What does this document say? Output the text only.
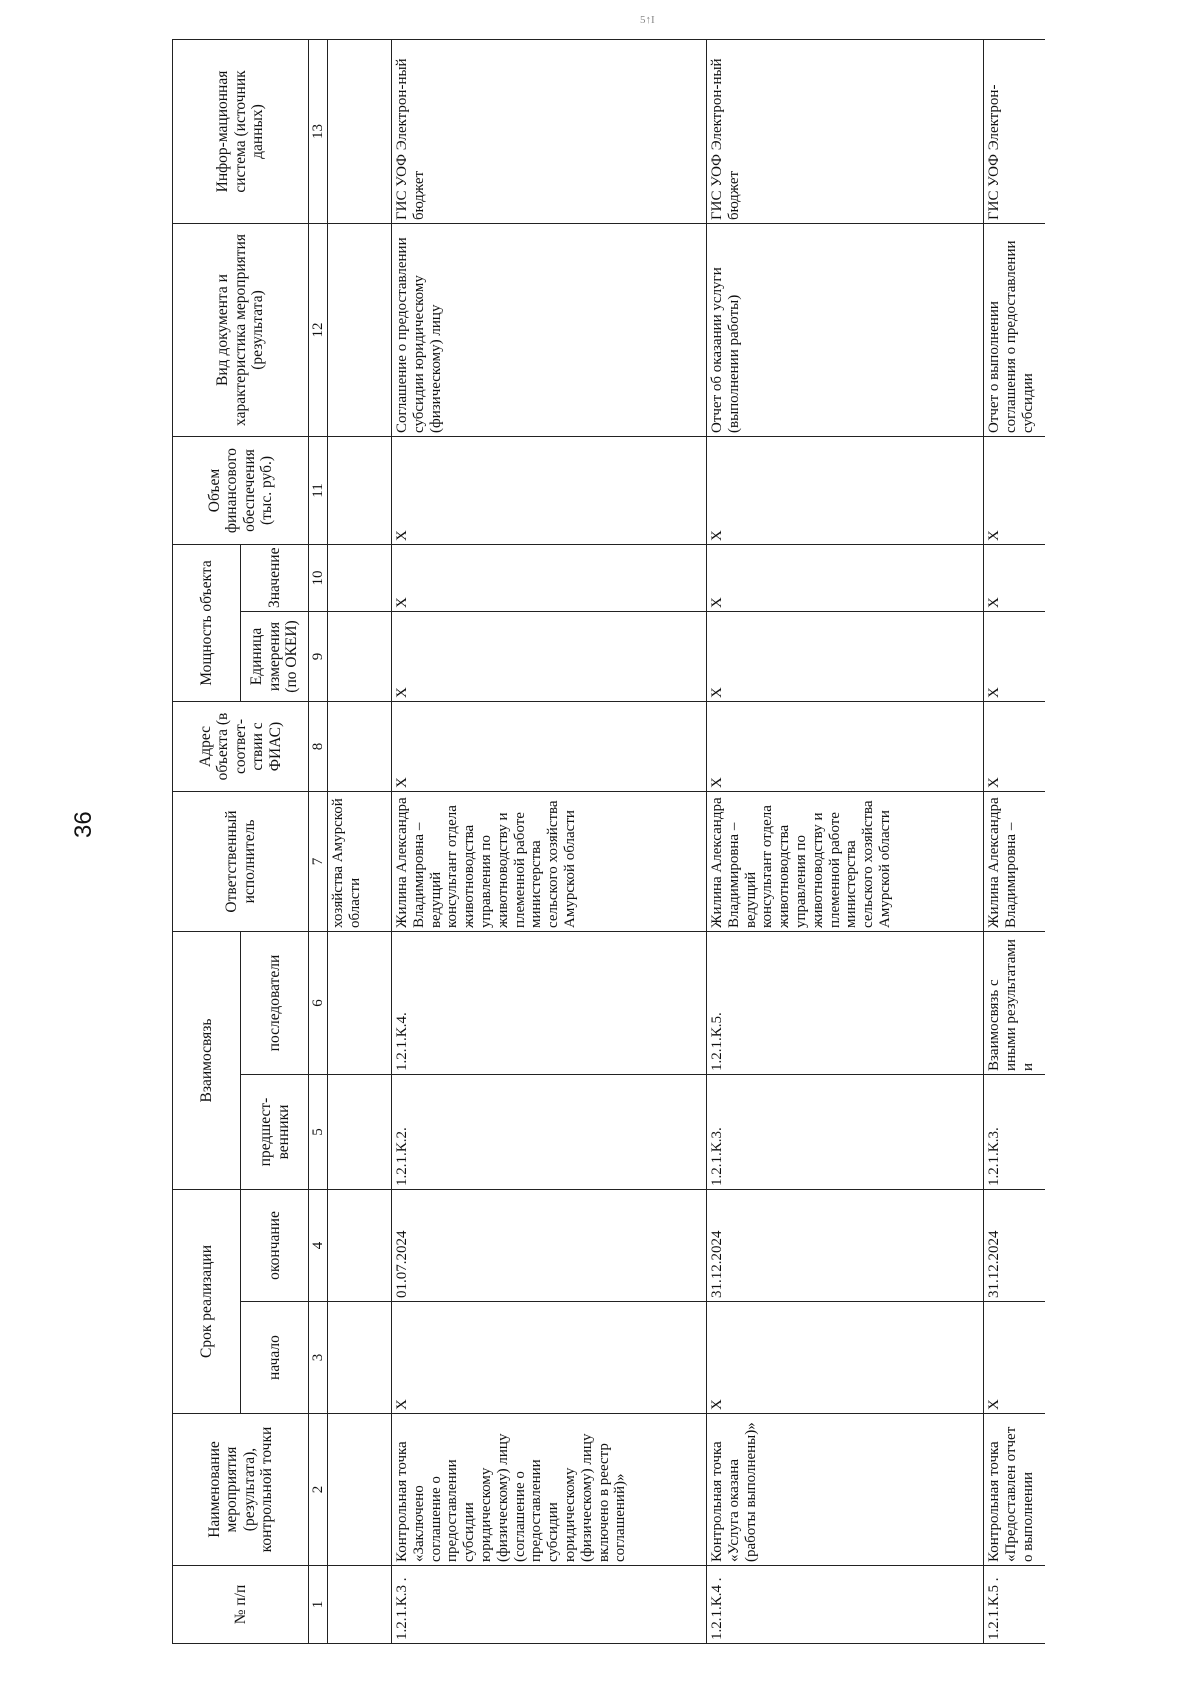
36
5↑I
№ п/п	Наименование мероприятия (результата), контрольной точки	Срок реализации		Взаимосвязь		Ответственный исполнитель	Адрес объекта (в соответ-ствии с ФИАС)	Мощность объекта		Объем финансового обеспечения (тыс. руб.)	Вид документа и характеристика мероприятия (результата)	Инфор-мационная система (источник данных)
		начало	окончание	предшест-венники	последователи			Единица измерения (по ОКЕИ)	Значение			
1	2	3	4	5	6	7	8	9	10	11	12	13
						хозяйства Амурской области						
1.2.1.К.3 .	Контрольная точка «Заключено соглашение о предоставлении субсидии юридическому (физическому) лицу (соглашение о предоставлении субсидии юридическому (физическому) лицу включено в реестр соглашений)»	Х	01.07.2024	1.2.1.К.2.	1.2.1.К.4.	Жилина Александра Владимировна – ведущий консультант отдела животноводства управления по животноводству и племенной работе министерства сельского хозяйства Амурской области	Х	Х	Х	Х	Соглашение о предоставлении субсидии юридическому (физическому) лицу	ГИС УОФ Электрон-ный бюджет
1.2.1.К.4 .	Контрольная точка «Услуга оказана (работы выполнены)»	Х	31.12.2024	1.2.1.К.3.	1.2.1.К.5.	Жилина Александра Владимировна – ведущий консультант отдела животноводства управления по животноводству и племенной работе министерства сельского хозяйства Амурской области	Х	Х	Х	Х	Отчет об оказании услуги (выполнении работы)	ГИС УОФ Электрон-ный бюджет
1.2.1.К.5 .	Контрольная точка «Предоставлен отчет о выполнении	Х	31.12.2024	1.2.1.К.3.	Взаимосвязь с иными результатами и	Жилина Александра Владимировна –	Х	Х	Х	Х	Отчет о выполнении соглашения о предоставлении субсидии	ГИС УОФ Электрон-
